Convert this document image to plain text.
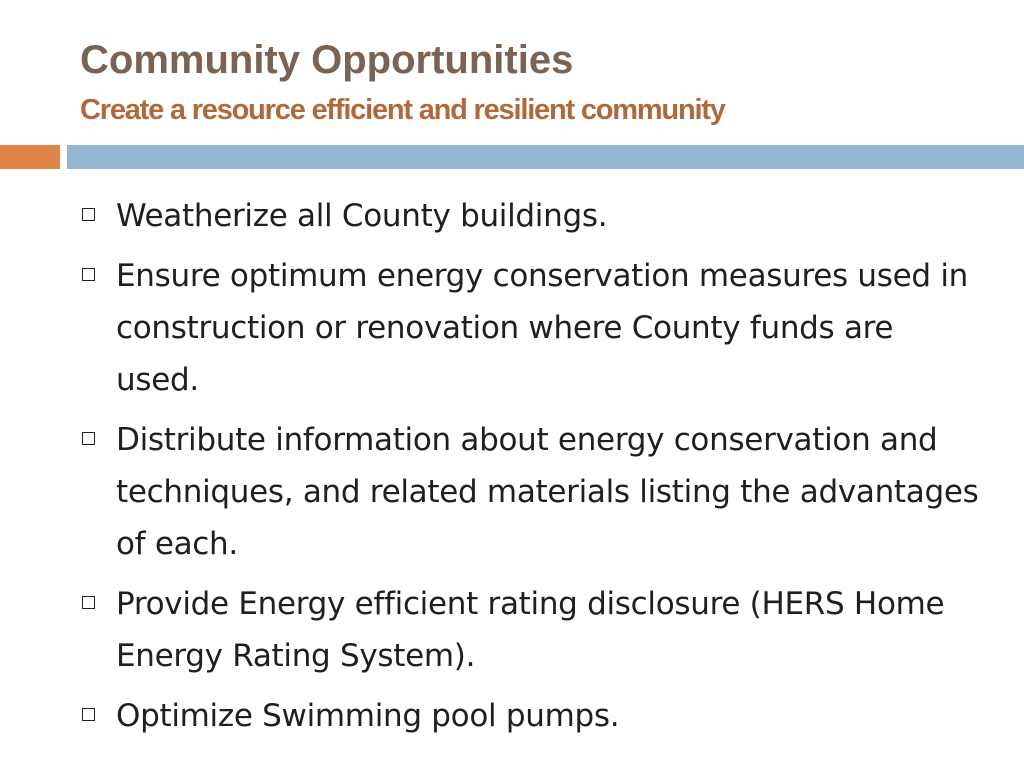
Community Opportunities
Create a resource efficient and resilient community
Weatherize all County buildings.
Ensure optimum energy conservation measures used in construction or renovation where County funds are used.
Distribute information about energy conservation and techniques, and related materials listing the advantages of each.
Provide Energy efficient rating disclosure (HERS Home Energy Rating System).
Optimize Swimming pool pumps.
